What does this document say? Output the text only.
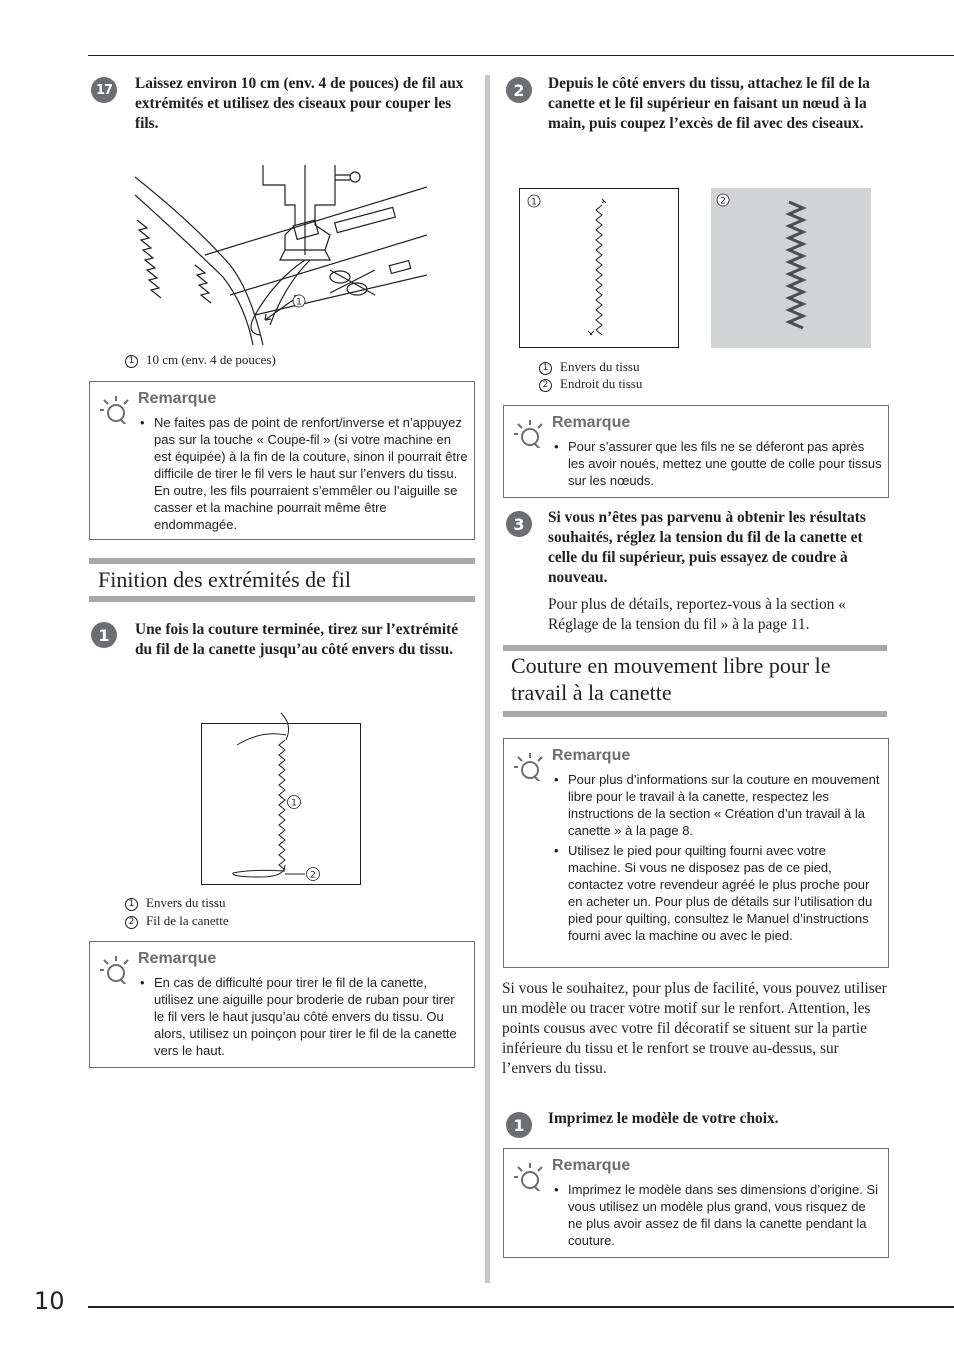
10
17	Laissez environ 10 cm (env. 4 de pouces) de fil aux extrémités et utilisez des ciseaux pour couper les fils.
1
1 10 cm (env. 4 de pouces)
Remarque
• Ne faites pas de point de renfort/inverse et n’appuyez pas sur la touche « Coupe-fil » (si votre machine en est équipée) à la fin de la couture, sinon il pourrait être difficile de tirer le fil vers le haut sur l’envers du tissu. En outre, les fils pourraient s’emmêler ou l’aiguille se casser et la machine pourrait même être endommagée.
Finition des extrémités de fil
1	Une fois la couture terminée, tirez sur l’extrémité du fil de la canette jusqu’au côté envers du tissu.
1
2
1 Envers du tissu
2 Fil de la canette
Remarque
• En cas de difficulté pour tirer le fil de la canette, utilisez une aiguille pour broderie de ruban pour tirer le fil vers le haut jusqu’au côté envers du tissu. Ou alors, utilisez un poinçon pour tirer le fil de la canette vers le haut.
2	Depuis le côté envers du tissu, attachez le fil de la canette et le fil supérieur en faisant un nœud à la main, puis coupez l’excès de fil avec des ciseaux.
1	2
1 Envers du tissu
2 Endroit du tissu
Remarque
• Pour s’assurer que les fils ne se déferont pas après les avoir noués, mettez une goutte de colle pour tissus sur les nœuds.
3	Si vous n’êtes pas parvenu à obtenir les résultats souhaités, réglez la tension du fil de la canette et celle du fil supérieur, puis essayez de coudre à nouveau.
Pour plus de détails, reportez-vous à la section « Réglage de la tension du fil » à la page 11.
Couture en mouvement libre pour le travail à la canette
Remarque
• Pour plus d’informations sur la couture en mouvement libre pour le travail à la canette, respectez les instructions de la section « Création d’un travail à la canette » à la page 8.
• Utilisez le pied pour quilting fourni avec votre machine. Si vous ne disposez pas de ce pied, contactez votre revendeur agréé le plus proche pour en acheter un. Pour plus de détails sur l’utilisation du pied pour quilting, consultez le Manuel d’instructions fourni avec la machine ou avec le pied.
Si vous le souhaitez, pour plus de facilité, vous pouvez utiliser un modèle ou tracer votre motif sur le renfort. Attention, les points cousus avec votre fil décoratif se situent sur la partie inférieure du tissu et le renfort se trouve au-dessus, sur l’envers du tissu.
1	Imprimez le modèle de votre choix.
Remarque
• Imprimez le modèle dans ses dimensions d’origine. Si vous utilisez un modèle plus grand, vous risquez de ne plus avoir assez de fil dans la canette pendant la couture.
